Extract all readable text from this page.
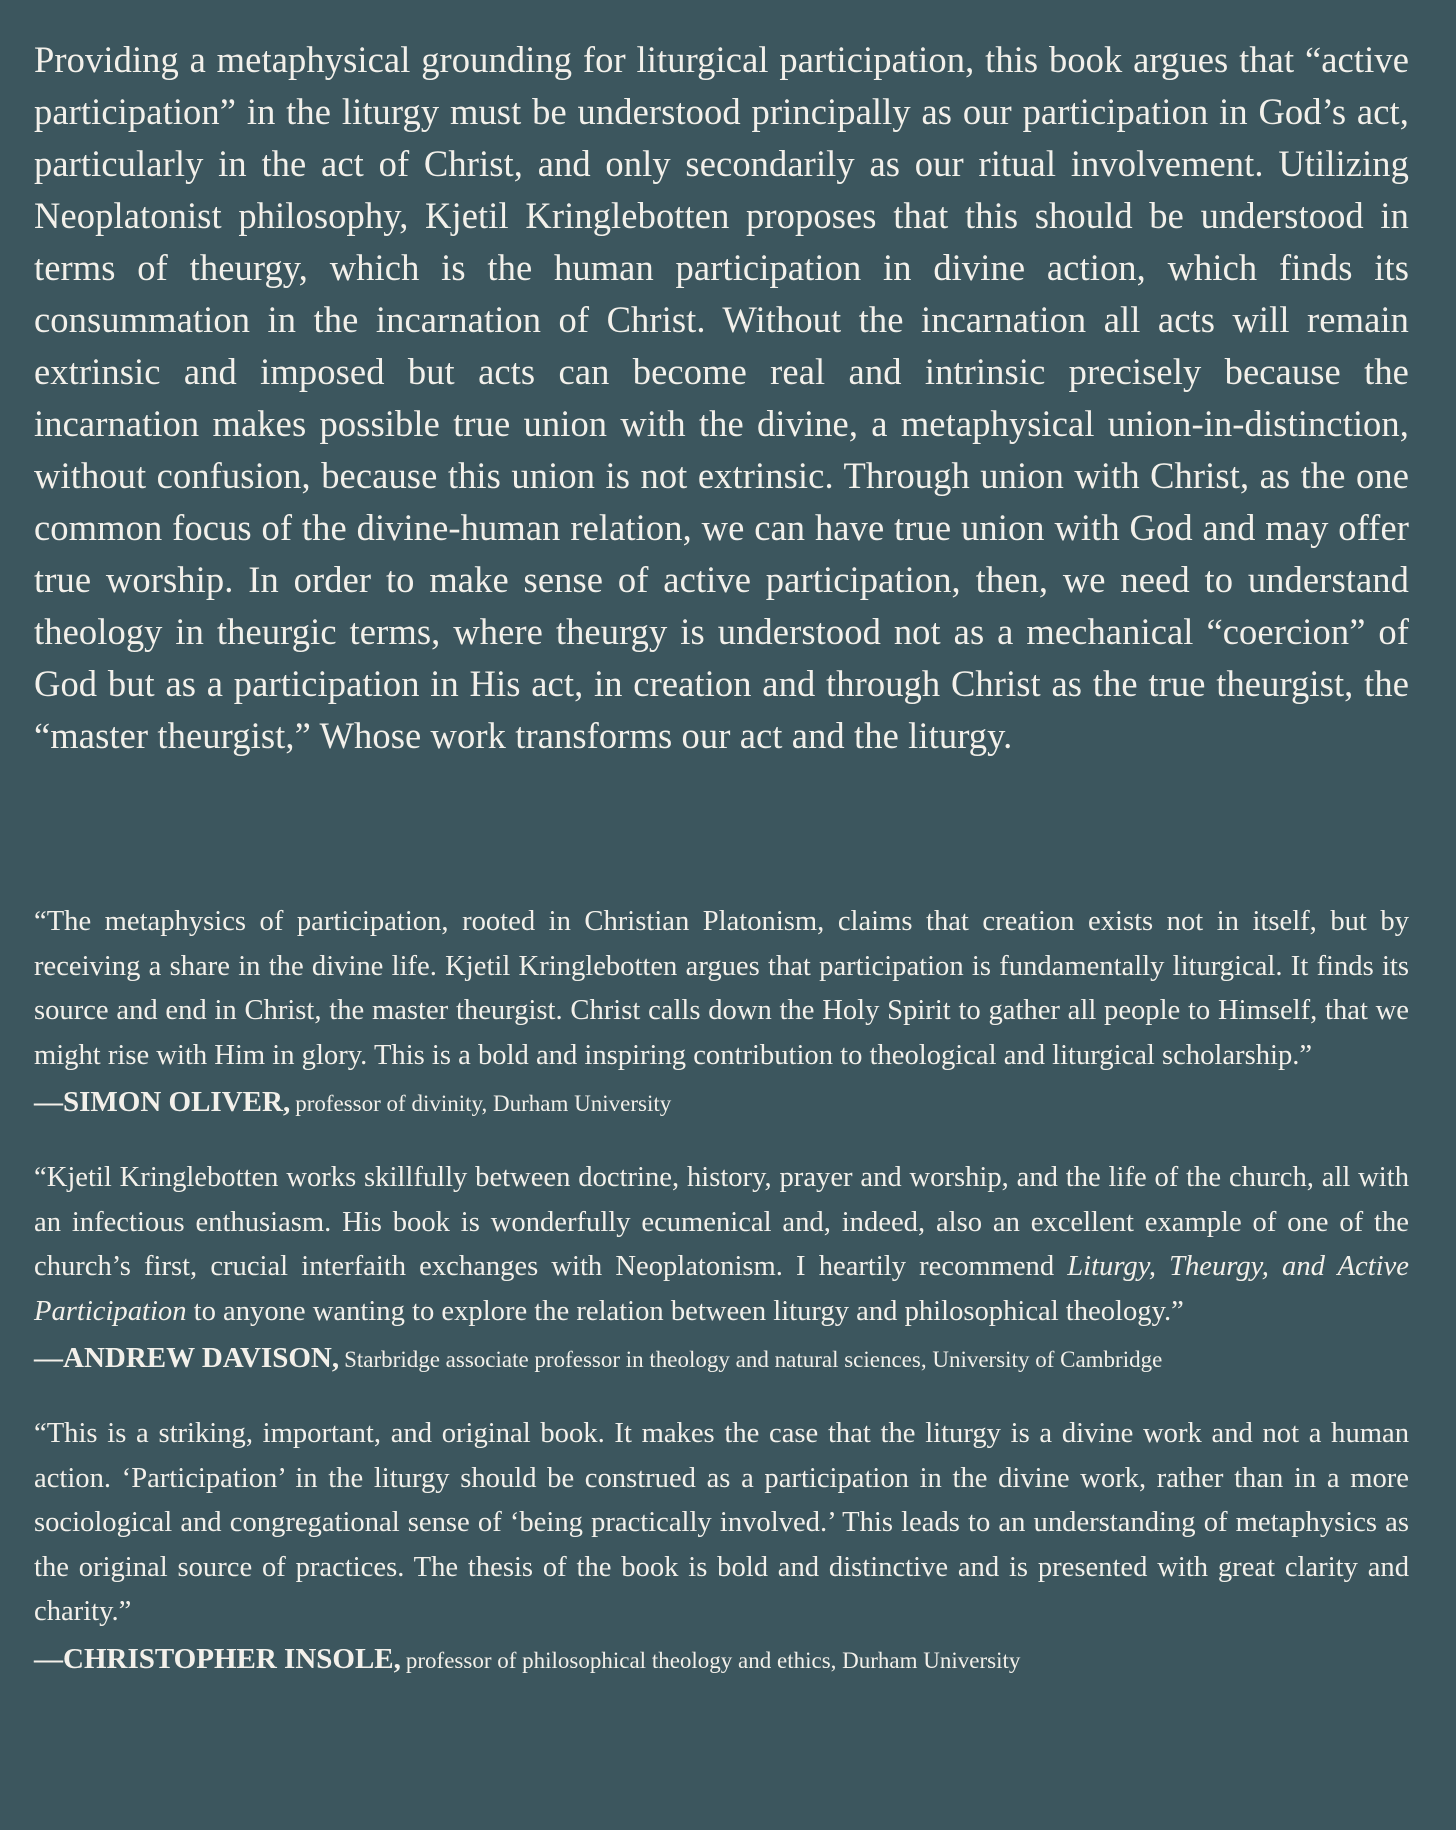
Providing a metaphysical grounding for liturgical participation, this book argues that “active participation” in the liturgy must be understood principally as our participation in God’s act, particularly in the act of Christ, and only secondarily as our ritual involvement. Utilizing Neoplatonist philosophy, Kjetil Kringlebotten proposes that this should be understood in terms of theurgy, which is the human participation in divine action, which finds its consummation in the incarnation of Christ. Without the incarnation all acts will remain extrinsic and imposed but acts can become real and intrinsic precisely because the incarnation makes possible true union with the divine, a metaphysical union-in-distinction, without confusion, because this union is not extrinsic. Through union with Christ, as the one common focus of the divine-human relation, we can have true union with God and may offer true worship. In order to make sense of active participation, then, we need to understand theology in theurgic terms, where theurgy is understood not as a mechanical “coercion” of God but as a participation in His act, in creation and through Christ as the true theurgist, the “master theurgist,” Whose work transforms our act and the liturgy.

“The metaphysics of participation, rooted in Christian Platonism, claims that creation exists not in itself, but by receiving a share in the divine life. Kjetil Kringlebotten argues that participation is fundamentally liturgical. It finds its source and end in Christ, the master theurgist. Christ calls down the Holy Spirit to gather all people to Himself, that we might rise with Him in glory. This is a bold and inspiring contribution to theological and liturgical scholarship.”

—SIMON OLIVER, professor of divinity, Durham University

“Kjetil Kringlebotten works skillfully between doctrine, history, prayer and worship, and the life of the church, all with an infectious enthusiasm. His book is wonderfully ecumenical and, indeed, also an excellent example of one of the church’s first, crucial interfaith exchanges with Neoplatonism. I heartily recommend Liturgy, Theurgy, and Active Participation to anyone wanting to explore the relation between liturgy and philosophical theology.”

—ANDREW DAVISON, Starbridge associate professor in theology and natural sciences, University of Cambridge

“This is a striking, important, and original book. It makes the case that the liturgy is a divine work and not a human action. ‘Participation’ in the liturgy should be construed as a participation in the divine work, rather than in a more sociological and congregational sense of ‘being practically involved.’ This leads to an understanding of metaphysics as the original source of practices. The thesis of the book is bold and distinctive and is presented with great clarity and charity.”

—CHRISTOPHER INSOLE, professor of philosophical theology and ethics, Durham University
